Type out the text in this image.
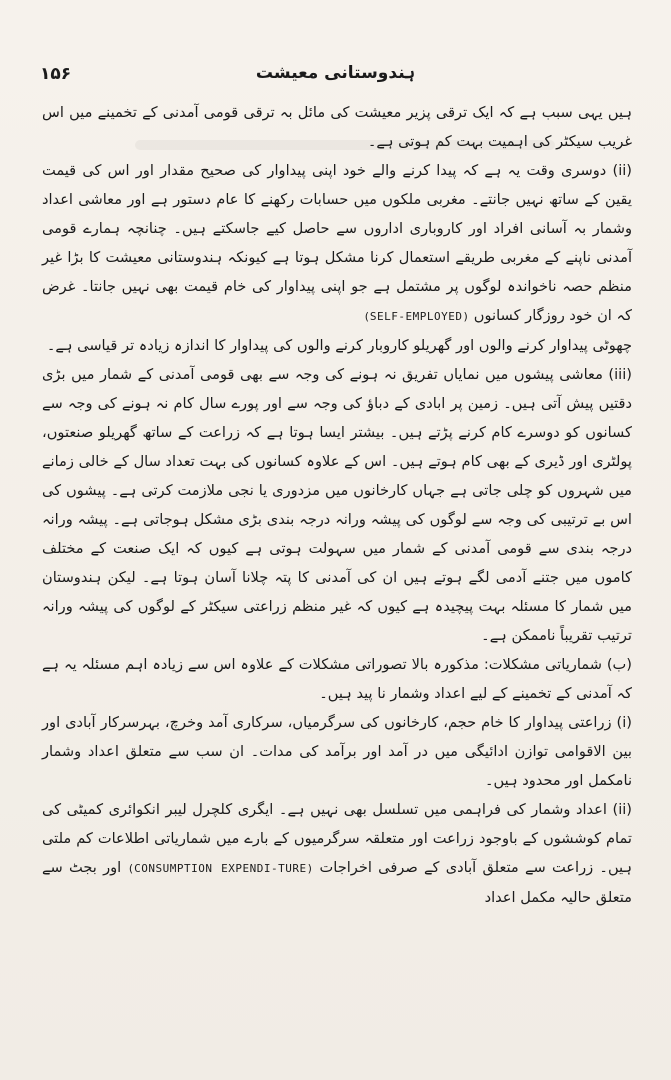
ہندوستانی معیشت
۱۵۶

ہیں یہی سبب ہے کہ ایک ترقی پزیر معیشت کی مائل بہ ترقی قومی آمدنی کے تخمینے میں اس غریب سیکٹر کی اہمیت بہت کم ہوتی ہے۔

(ii) دوسری وقت یہ ہے کہ پیدا کرنے والے خود اپنی پیداوار کی صحیح مقدار اور اس کی قیمت یقین کے ساتھ نہیں جانتے۔ مغربی ملکوں میں حسابات رکھنے کا عام دستور ہے اور معاشی اعداد وشمار بہ آسانی افراد اور کاروباری اداروں سے حاصل کیے جاسکتے ہیں۔ چنانچہ ہمارے قومی آمدنی ناپنے کے مغربی طریقے استعمال کرنا مشکل ہوتا ہے کیونکہ ہندوستانی معیشت کا بڑا غیر منظم حصہ ناخواندہ لوگوں پر مشتمل ہے جو اپنی پیداوار کی خام قیمت بھی نہیں جانتا۔ غرض کہ ان خود روزگار کسانوں (SELF-EMPLOYED)

چھوٹی پیداوار کرنے والوں اور گھریلو کاروبار کرنے والوں کی پیداوار کا اندازہ زیادہ تر قیاسی ہے۔

(iii) معاشی پیشوں میں نمایاں تفریق نہ ہونے کی وجہ سے بھی قومی آمدنی کے شمار میں بڑی دقتیں پیش آتی ہیں۔ زمین پر ابادی کے دباؤ کی وجہ سے اور پورے سال کام نہ ہونے کی وجہ سے کسانوں کو دوسرے کام کرنے پڑتے ہیں۔ بیشتر ایسا ہوتا ہے کہ زراعت کے ساتھ گھریلو صنعتوں، پولٹری اور ڈیری کے بھی کام ہوتے ہیں۔ اس کے علاوہ کسانوں کی بہت تعداد سال کے خالی زمانے میں شہروں کو چلی جاتی ہے جہاں کارخانوں میں مزدوری یا نجی ملازمت کرتی ہے۔ پیشوں کی اس بے ترتیبی کی وجہ سے لوگوں کی پیشہ ورانہ درجہ بندی بڑی مشکل ہوجاتی ہے۔ پیشہ ورانہ درجہ بندی سے قومی آمدنی کے شمار میں سہولت ہوتی ہے کیوں کہ ایک صنعت کے مختلف کاموں میں جتنے آدمی لگے ہوتے ہیں ان کی آمدنی کا پتہ چلانا آسان ہوتا ہے۔ لیکن ہندوستان میں شمار کا مسئلہ بہت پیچیدہ ہے کیوں کہ غیر منظم زراعتی سیکٹر کے لوگوں کی پیشہ ورانہ ترتیب تقریباً ناممکن ہے۔

(ب) شماریاتی مشکلات: مذکورہ بالا تصوراتی مشکلات کے علاوہ اس سے زیادہ اہم مسئلہ یہ ہے کہ آمدنی کے تخمینے کے لیے اعداد وشمار نا پید ہیں۔

(i) زراعتی پیداوار کا خام حجم، کارخانوں کی سرگرمیاں، سرکاری آمد وخرچ، بہرسرکار آبادی اور بین الاقوامی توازن ادائیگی میں در آمد اور برآمد کی مدات۔ ان سب سے متعلق اعداد وشمار نامکمل اور محدود ہیں۔

(ii) اعداد وشمار کی فراہمی میں تسلسل بھی نہیں ہے۔ ایگری کلچرل لیبر انکوائری کمیٹی کی تمام کوششوں کے باوجود زراعت اور متعلقہ سرگرمیوں کے بارے میں شماریاتی اطلاعات کم ملتی ہیں۔ زراعت سے متعلق آبادی کے صرفی اخراجات (CONSUMPTION EXPENDI-TURE) اور بجٹ سے متعلق حالیہ مکمل اعداد
